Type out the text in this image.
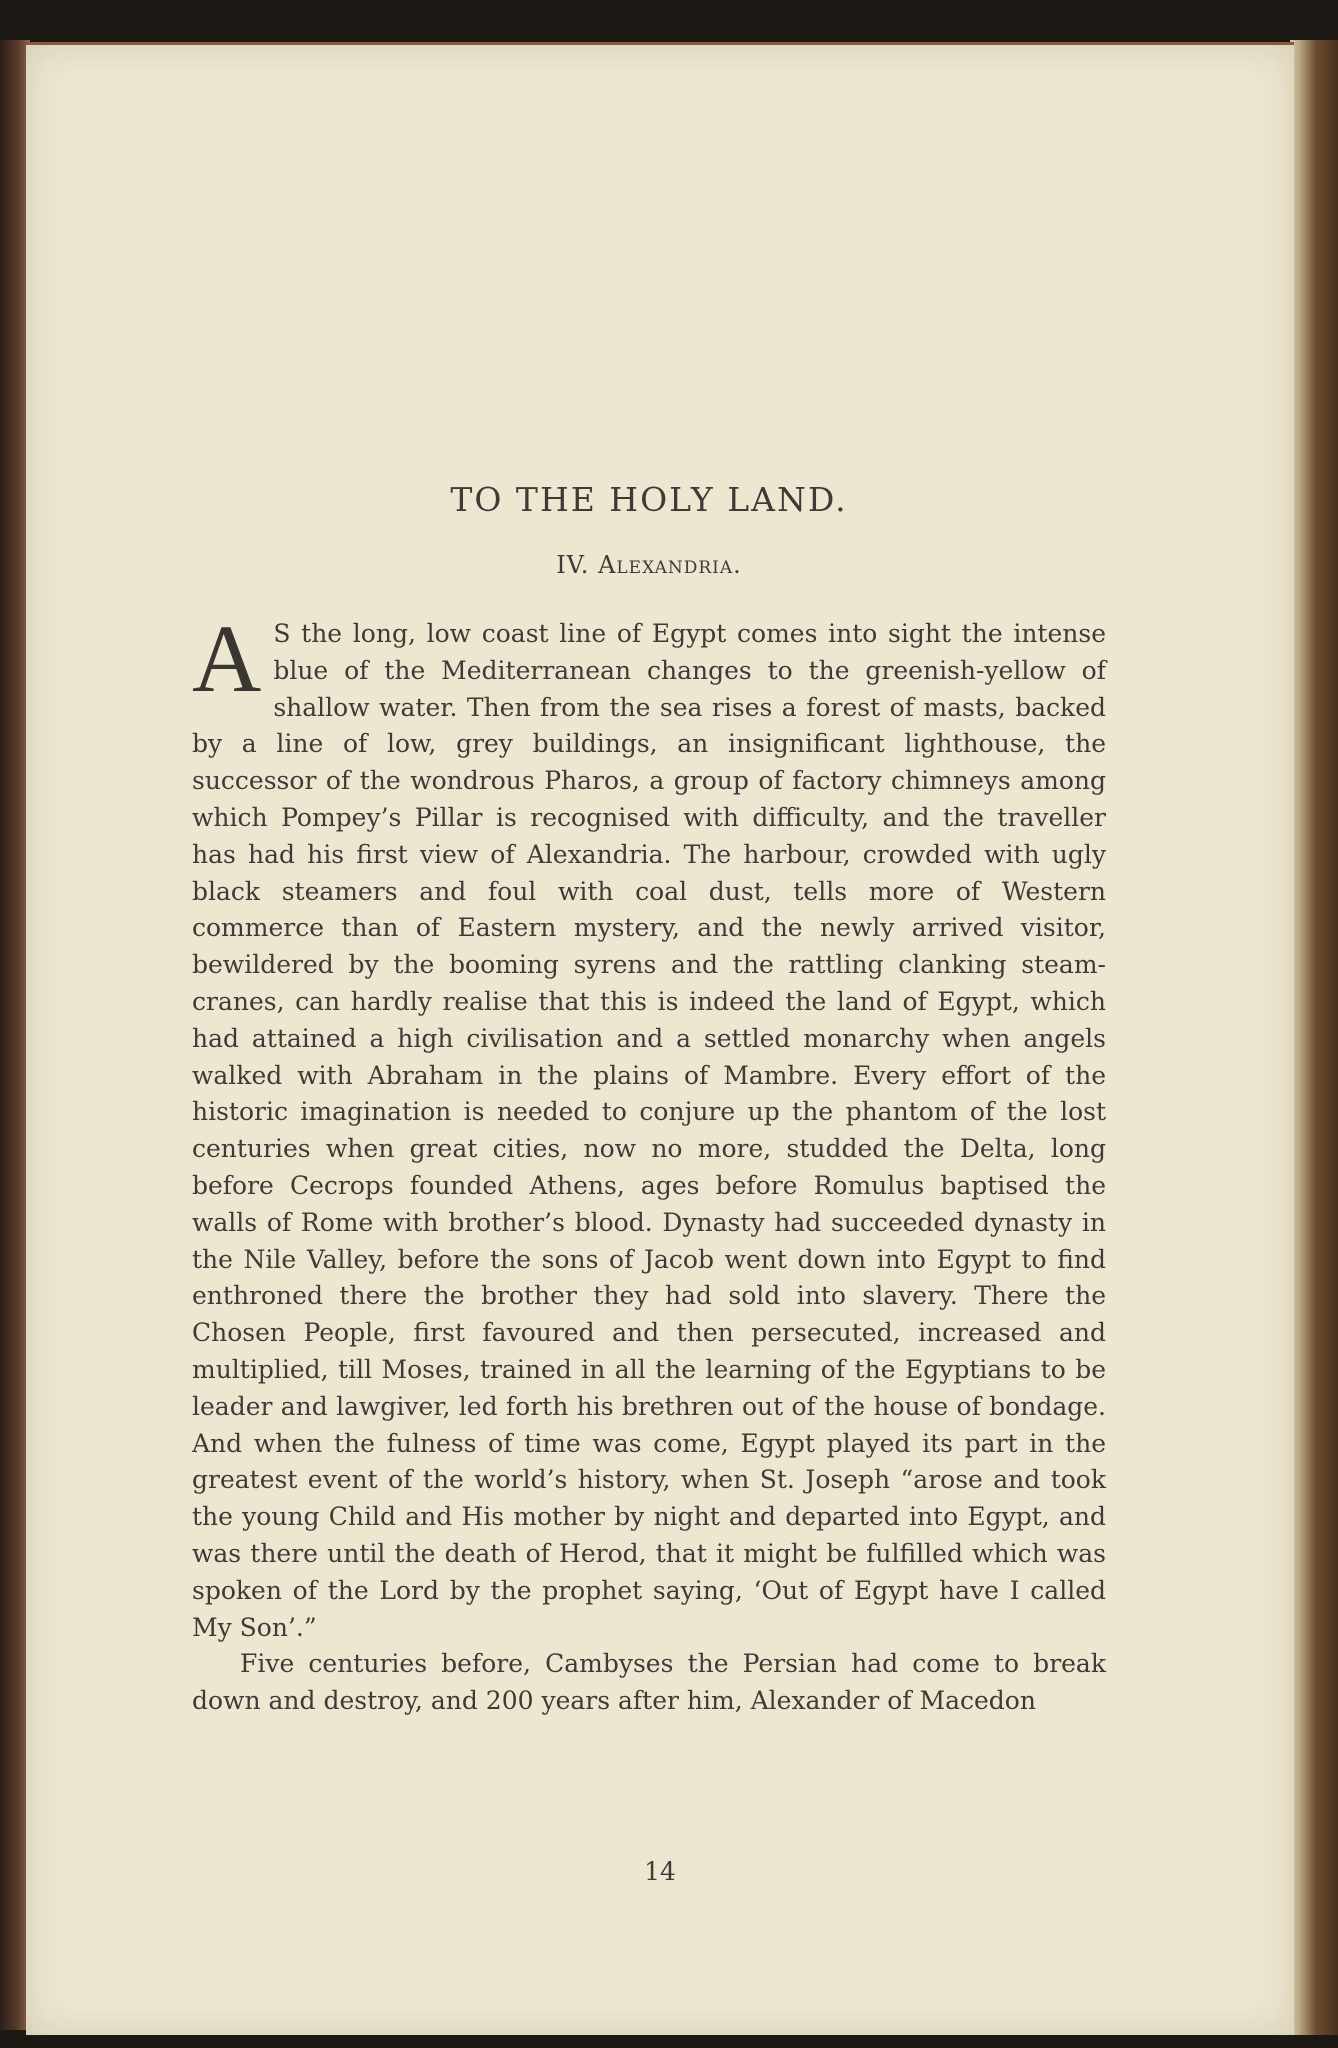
TO THE HOLY LAND.
IV. Alexandria.

A S the long, low coast line of Egypt comes into sight the intense blue of the Mediterranean changes to the greenish-yellow of shallow water. Then from the sea rises a forest of masts, backed by a line of low, grey buildings, an insignificant lighthouse, the successor of the wondrous Pharos, a group of factory chimneys among which Pompey’s Pillar is recognised with difficulty, and the traveller has had his first view of Alexandria. The harbour, crowded with ugly black steamers and foul with coal dust, tells more of Western commerce than of Eastern mystery, and the newly arrived visitor, bewildered by the booming syrens and the rattling clanking steam-cranes, can hardly realise that this is indeed the land of Egypt, which had attained a high civilisation and a settled monarchy when angels walked with Abraham in the plains of Mambre. Every effort of the historic imagination is needed to conjure up the phantom of the lost centuries when great cities, now no more, studded the Delta, long before Cecrops founded Athens, ages before Romulus baptised the walls of Rome with brother’s blood. Dynasty had succeeded dynasty in the Nile Valley, before the sons of Jacob went down into Egypt to find enthroned there the brother they had sold into slavery. There the Chosen People, first favoured and then persecuted, increased and multiplied, till Moses, trained in all the learning of the Egyptians to be leader and lawgiver, led forth his brethren out of the house of bondage. And when the fulness of time was come, Egypt played its part in the greatest event of the world’s history, when St. Joseph “arose and took the young Child and His mother by night and departed into Egypt, and was there until the death of Herod, that it might be fulfilled which was spoken of the Lord by the prophet saying, ‘Out of Egypt have I called My Son’.”

Five centuries before, Cambyses the Persian had come to break down and destroy, and 200 years after him, Alexander of Macedon

14
